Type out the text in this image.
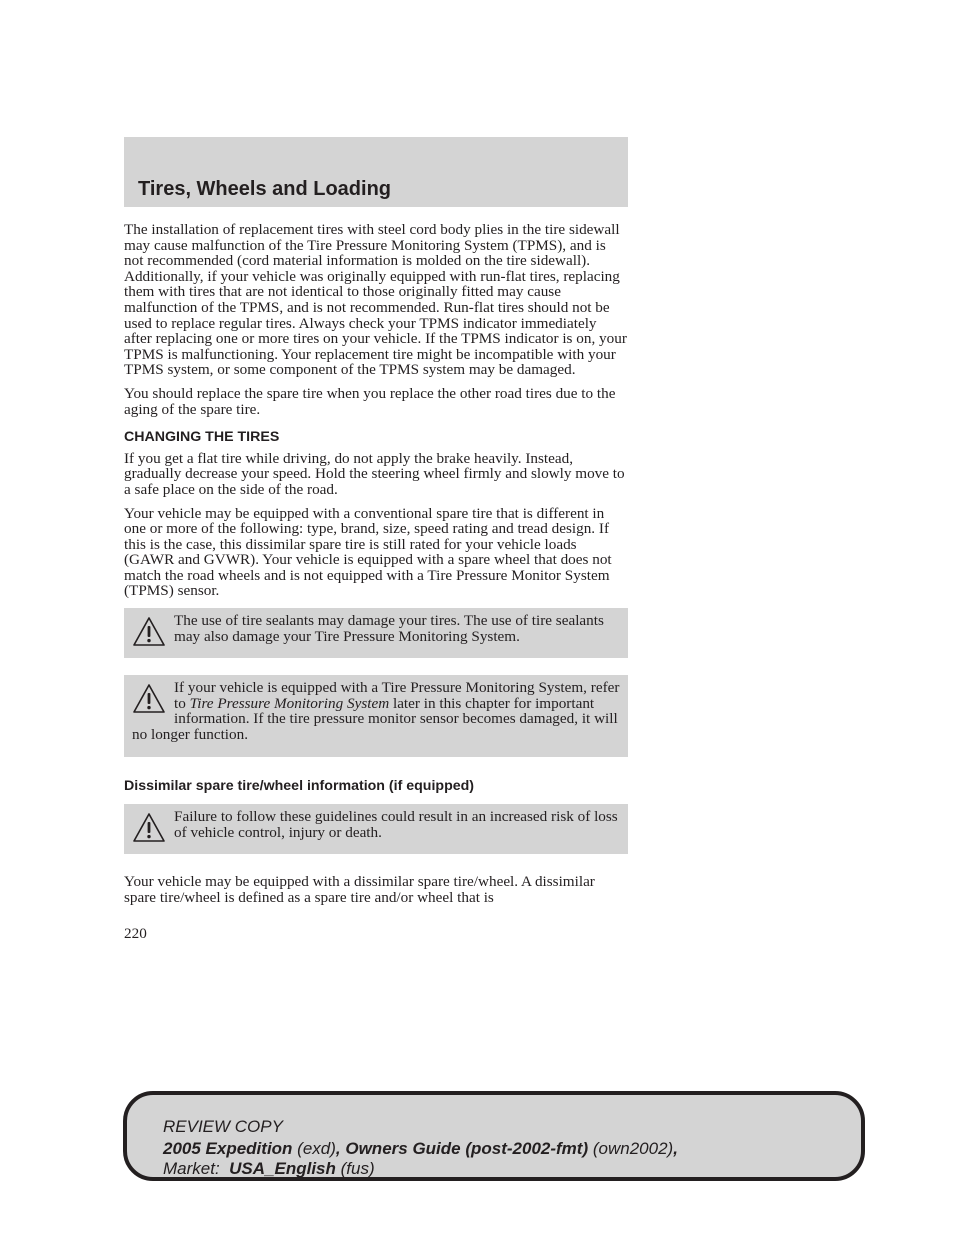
Tires, Wheels and Loading

The installation of replacement tires with steel cord body plies in the tire sidewall may cause malfunction of the Tire Pressure Monitoring System (TPMS), and is not recommended (cord material information is molded on the tire sidewall). Additionally, if your vehicle was originally equipped with run-flat tires, replacing them with tires that are not identical to those originally fitted may cause malfunction of the TPMS, and is not recommended. Run-flat tires should not be used to replace regular tires. Always check your TPMS indicator immediately after replacing one or more tires on your vehicle. If the TPMS indicator is on, your TPMS is malfunctioning. Your replacement tire might be incompatible with your TPMS system, or some component of the TPMS system may be damaged.

You should replace the spare tire when you replace the other road tires due to the aging of the spare tire.

CHANGING THE TIRES

If you get a flat tire while driving, do not apply the brake heavily. Instead, gradually decrease your speed. Hold the steering wheel firmly and slowly move to a safe place on the side of the road.

Your vehicle may be equipped with a conventional spare tire that is different in one or more of the following: type, brand, size, speed rating and tread design. If this is the case, this dissimilar spare tire is still rated for your vehicle loads (GAWR and GVWR). Your vehicle is equipped with a spare wheel that does not match the road wheels and is not equipped with a Tire Pressure Monitor System (TPMS) sensor.

The use of tire sealants may damage your tires. The use of tire sealants may also damage your Tire Pressure Monitoring System.

If your vehicle is equipped with a Tire Pressure Monitoring System, refer to Tire Pressure Monitoring System later in this chapter for important information. If the tire pressure monitor sensor becomes damaged, it will no longer function.

Dissimilar spare tire/wheel information (if equipped)

Failure to follow these guidelines could result in an increased risk of loss of vehicle control, injury or death.

Your vehicle may be equipped with a dissimilar spare tire/wheel. A dissimilar spare tire/wheel is defined as a spare tire and/or wheel that is

220
REVIEW COPY
2005 Expedition (exd), Owners Guide (post-2002-fmt) (own2002),
Market: USA_English (fus)
